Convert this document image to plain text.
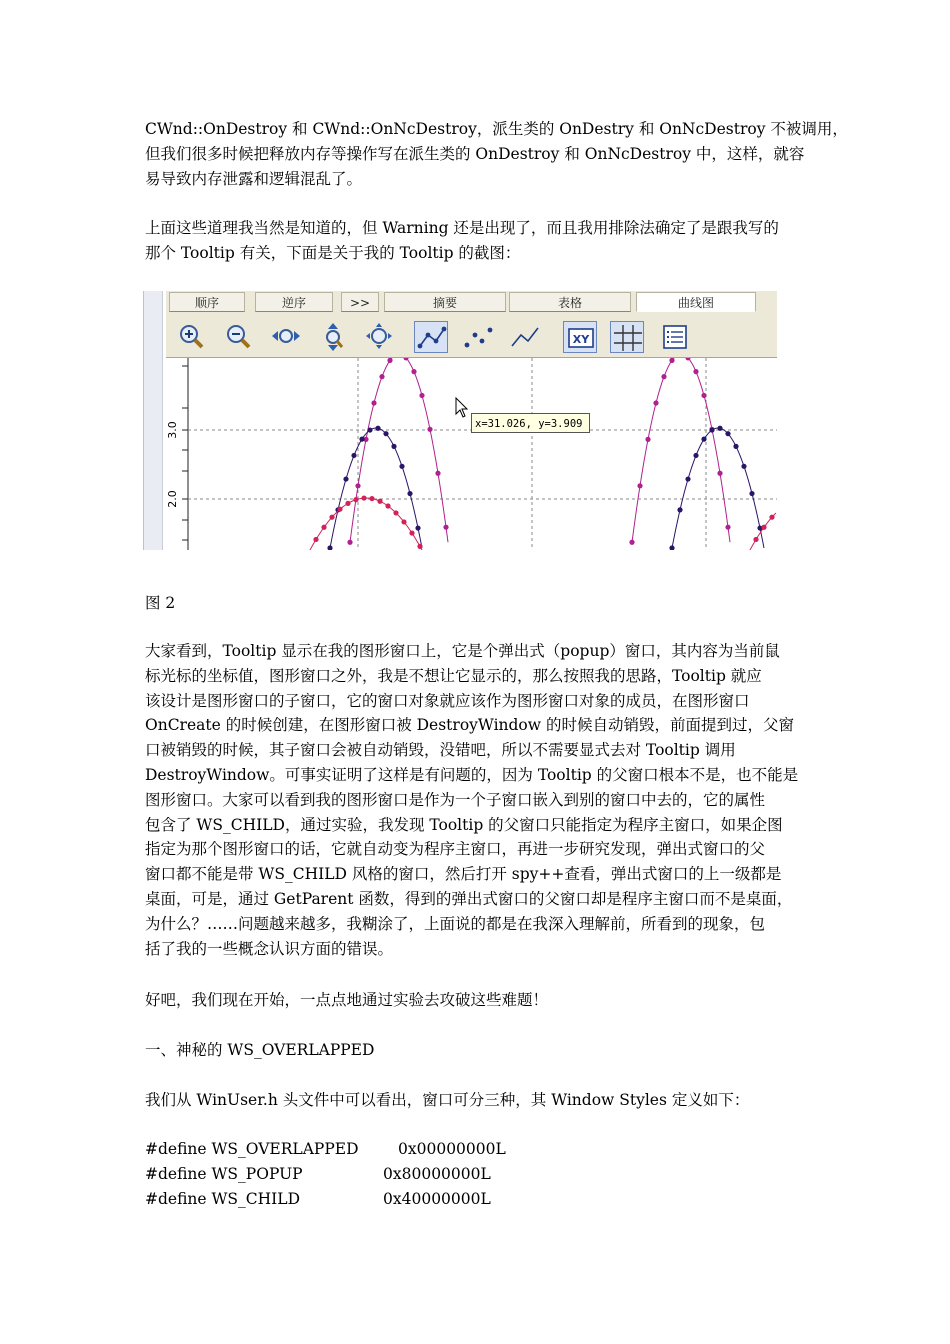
CWnd::OnDestroy 和 CWnd::OnNcDestroy，派生类的 OnDestry 和 OnNcDestroy 不被调用，
但我们很多时候把释放内存等操作写在派生类的 OnDestroy 和 OnNcDestroy 中，这样，就容
易导致内存泄露和逻辑混乱了。

上面这些道理我当然是知道的，但 Warning 还是出现了，而且我用排除法确定了是跟我写的
那个 Tooltip 有关，下面是关于我的 Tooltip 的截图：

顺序	逆序	>>	摘要	表格	曲线图
XY
3.0
2.0
x=31.026, y=3.909
图 2

大家看到，Tooltip 显示在我的图形窗口上，它是个弹出式（popup）窗口，其内容为当前鼠
标光标的坐标值，图形窗口之外，我是不想让它显示的，那么按照我的思路，Tooltip 就应
该设计是图形窗口的子窗口，它的窗口对象就应该作为图形窗口对象的成员，在图形窗口
OnCreate 的时候创建，在图形窗口被 DestroyWindow 的时候自动销毁，前面提到过，父窗
口被销毁的时候，其子窗口会被自动销毁，没错吧，所以不需要显式去对 Tooltip 调用
DestroyWindow。可事实证明了这样是有问题的，因为 Tooltip 的父窗口根本不是，也不能是
图形窗口。大家可以看到我的图形窗口是作为一个子窗口嵌入到别的窗口中去的，它的属性
包含了 WS_CHILD，通过实验，我发现 Tooltip 的父窗口只能指定为程序主窗口，如果企图
指定为那个图形窗口的话，它就自动变为程序主窗口，再进一步研究发现，弹出式窗口的父
窗口都不能是带 WS_CHILD 风格的窗口，然后打开 spy++查看，弹出式窗口的上一级都是
桌面，可是，通过 GetParent 函数，得到的弹出式窗口的父窗口却是程序主窗口而不是桌面，
为什么？……问题越来越多，我糊涂了，上面说的都是在我深入理解前，所看到的现象，包
括了我的一些概念认识方面的错误。

好吧，我们现在开始，一点点地通过实验去攻破这些难题！

一、神秘的 WS_OVERLAPPED

我们从 WinUser.h 头文件中可以看出，窗口可分三种，其 Window Styles 定义如下：

#define WS_OVERLAPPED	0x00000000L
#define WS_POPUP	0x80000000L
#define WS_CHILD	0x40000000L
